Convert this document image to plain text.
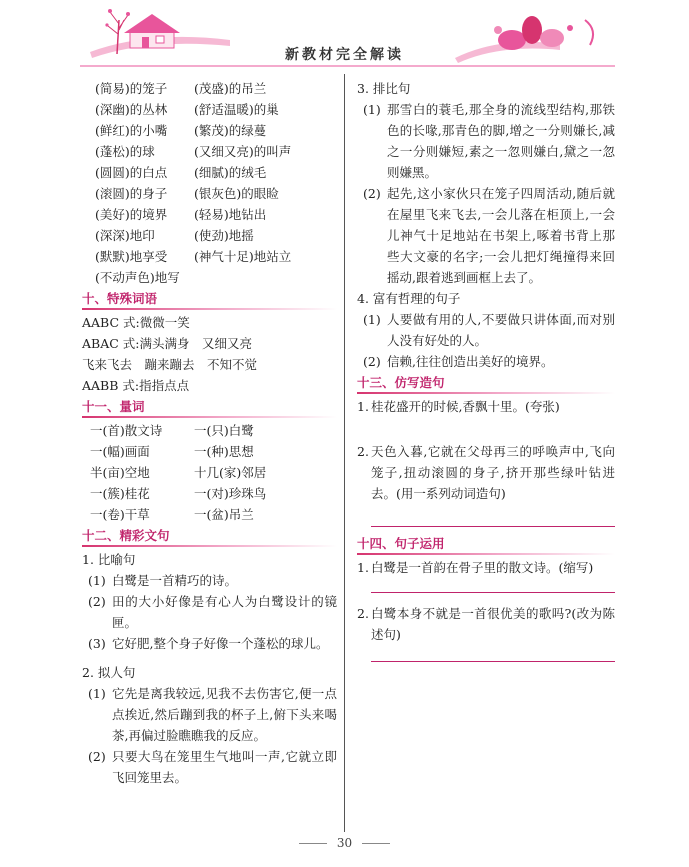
新教材完全解读
(简易)的笼子	(茂盛)的吊兰
(深幽)的丛林	(舒适温暖)的巢
(鲜红)的小嘴	(繁茂)的绿蔓
(蓬松)的球	(又细又亮)的叫声
(圆圆)的白点	(细腻)的绒毛
(滚圆)的身子	(银灰色)的眼睑
(美好)的境界	(轻易)地钻出
(深深)地印	(使劲)地摇
(默默)地享受	(神气十足)地站立
(不动声色)地写
十、特殊词语
AABC 式:微微一笑
ABAC 式:满头满身　又细又亮
飞来飞去　蹦来蹦去　不知不觉
AABB 式:指指点点
十一、量词
一(首)散文诗	一(只)白鹭
一(幅)画面	一(种)思想
半(亩)空地	十几(家)邻居
一(簇)桂花	一(对)珍珠鸟
一(卷)干草	一(盆)吊兰
十二、精彩文句
1. 比喻句
(1) 白鹭是一首精巧的诗。
(2) 田的大小好像是有心人为白鹭设计的镜匣。
(3) 它好肥,整个身子好像一个蓬松的球儿。
2. 拟人句
(1) 它先是离我较远,见我不去伤害它,便一点点挨近,然后蹦到我的杯子上,俯下头来喝茶,再偏过脸瞧瞧我的反应。
(2) 只要大鸟在笼里生气地叫一声,它就立即飞回笼里去。
3. 排比句
(1) 那雪白的蓑毛,那全身的流线型结构,那铁色的长喙,那青色的脚,增之一分则嫌长,减之一分则嫌短,素之一忽则嫌白,黛之一忽则嫌黑。
(2) 起先,这小家伙只在笼子四周活动,随后就在屋里飞来飞去,一会儿落在柜顶上,一会儿神气十足地站在书架上,啄着书背上那些大文豪的名字;一会儿把灯绳撞得来回摇动,跟着逃到画框上去了。
4. 富有哲理的句子
(1) 人要做有用的人,不要做只讲体面,而对别人没有好处的人。
(2) 信赖,往往创造出美好的境界。
十三、仿写造句
1. 桂花盛开的时候,香飘十里。(夸张)
2. 天色入暮,它就在父母再三的呼唤声中,飞向笼子,扭动滚圆的身子,挤开那些绿叶钻进去。(用一系列动词造句)
十四、句子运用
1. 白鹭是一首韵在骨子里的散文诗。(缩写)
2. 白鹭本身不就是一首很优美的歌吗?(改为陈述句)
30
